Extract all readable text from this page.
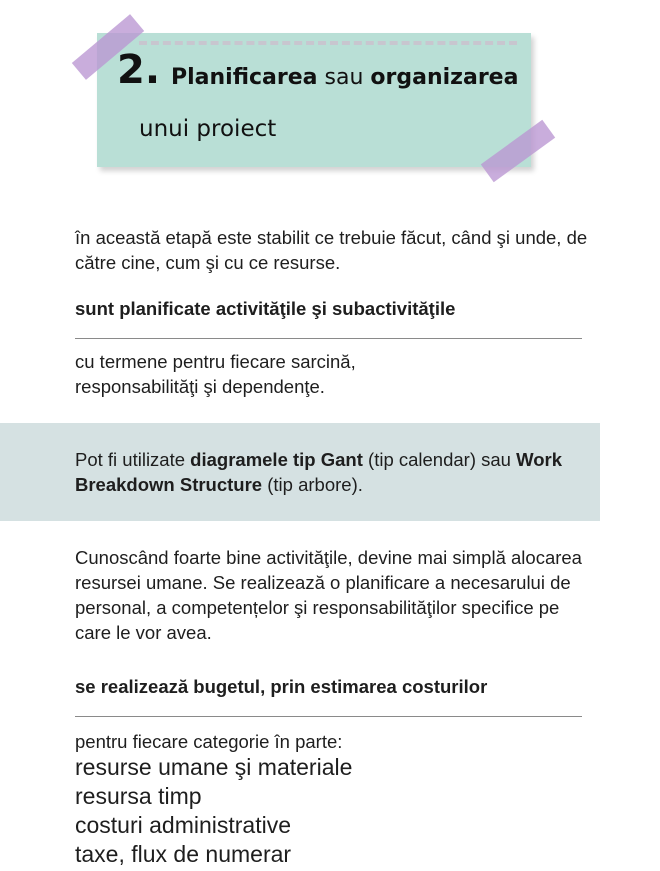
2. Planificarea sau organizarea
unui proiect
în această etapă este stabilit ce trebuie făcut, când şi unde, de către cine, cum şi cu ce resurse.
sunt planificate activităţile şi subactivităţile
cu termene pentru fiecare sarcină, responsabilităţi şi dependenţe.
Pot fi utilizate diagramele tip Gant (tip calendar) sau Work Breakdown Structure (tip arbore).
Cunoscând foarte bine activităţile, devine mai simplă alocarea resursei umane. Se realizează o planificare a necesarului de personal, a competențelor şi responsabilităţilor specifice pe care le vor avea.
se realizează bugetul, prin estimarea costurilor
pentru fiecare categorie în parte:
resurse umane şi materiale
resursa timp
costuri administrative
taxe, flux de numerar
